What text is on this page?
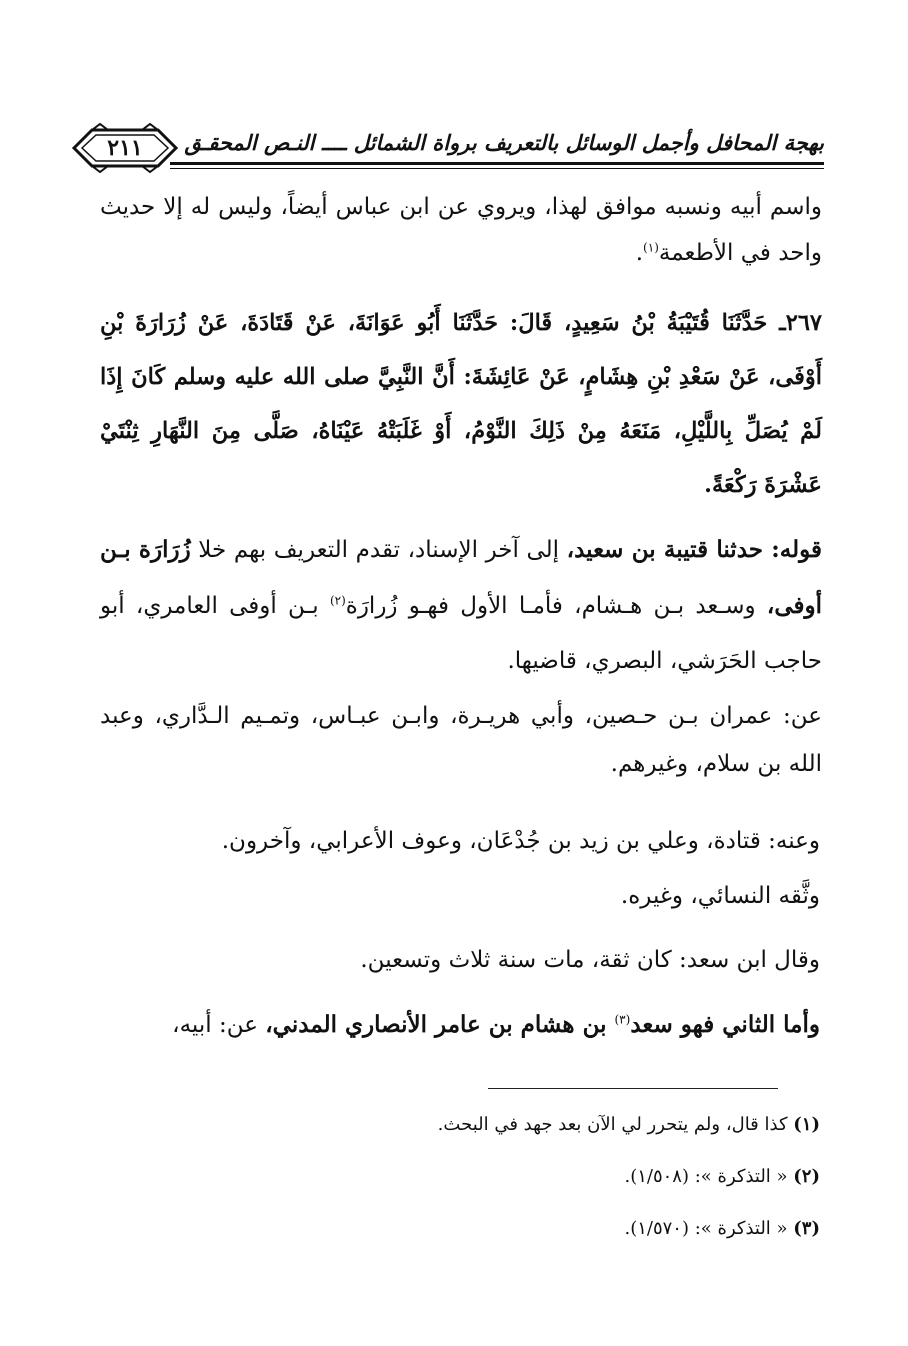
بهجة المحافل وأجمل الوسائل بالتعريف برواة الشمائل ــــ النـص المحقـق
٢١١
واسم أبيه ونسبه موافق لهذا، ويروي عن ابن عباس أيضاً، وليس له إلا حديث واحد في الأطعمة$^{(١)}$.
٢٦٧ـ حَدَّثَنَا قُتَيْبَةُ بْنُ سَعِيدٍ، قَالَ: حَدَّثَنَا أَبُو عَوَانَةَ، عَنْ قَتَادَةَ، عَنْ زُرَارَةَ بْنِ أَوْفَى، عَنْ سَعْدِ بْنِ هِشَامٍ، عَنْ عَائِشَةَ: أَنَّ النَّبِيَّ صلى الله عليه وسلم كَانَ إِذَا لَمْ يُصَلِّ بِاللَّيْلِ، مَنَعَهُ مِنْ ذَلِكَ النَّوْمُ، أَوْ غَلَبَتْهُ عَيْنَاهُ، صَلَّى مِنَ النَّهَارِ ثِنْتَيْ عَشْرَةَ رَكْعَةً.
قوله: حدثنا قتيبة بن سعيد، إلى آخر الإسناد، تقدم التعريف بهم خلا زُرَارَة بـن أوفى، وسـعد بـن هـشام، فأمـا الأول فهـو زُرارَة$^{(٢)}$ بـن أوفى العامري، أبو حاجب الحَرَشي، البصري، قاضيها.
عن: عمران بـن حـصين، وأبي هريـرة، وابـن عبـاس، وتمـيم الـدَّاري، وعبد الله بن سلام، وغيرهم.
وعنه: قتادة، وعلي بن زيد بن جُدْعَان، وعوف الأعرابي، وآخرون.
وثَّقه النسائي، وغيره.
وقال ابن سعد: كان ثقة، مات سنة ثلاث وتسعين.
وأما الثاني فهو سعد$^{(٣)}$ بن هشام بن عامر الأنصاري المدني، عن: أبيه،
(١) كذا قال، ولم يتحرر لي الآن بعد جهد في البحث.
(٢) « التذكرة »: (١/٥٠٨).
(٣) « التذكرة »: (١/٥٧٠).
